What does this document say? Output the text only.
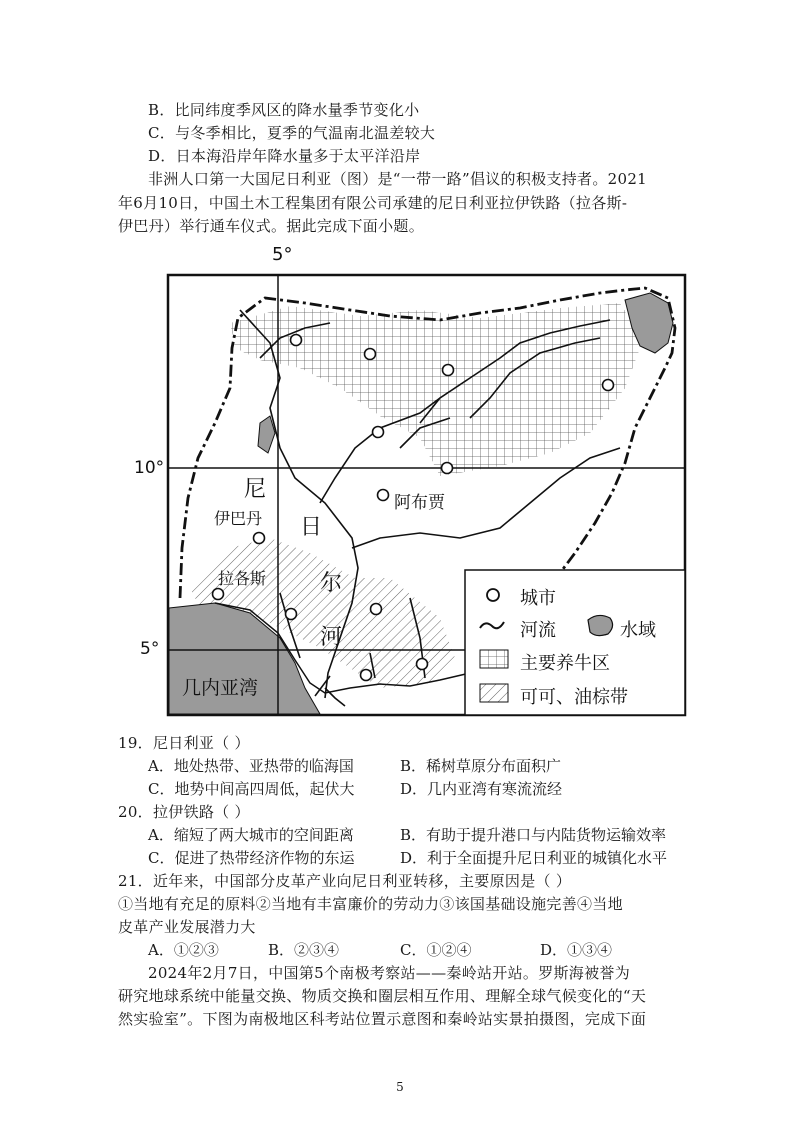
B．比同纬度季风区的降水量季节变化小
C．与冬季相比，夏季的气温南北温差较大
D．日本海沿岸年降水量多于太平洋沿岸
非洲人口第一大国尼日利亚（图）是“一带一路”倡议的积极支持者。2021
年6月10日，中国土木工程集团有限公司承建的尼日利亚拉伊铁路（拉各斯-
伊巴丹）举行通车仪式。据此完成下面小题。
5°
10°
5°
尼
日
尔
河
阿布贾
伊巴丹
拉各斯
几内亚湾
城市
河流	水域
主要养牛区
可可、油棕带
19．尼日利亚（ ）
A．地处热带、亚热带的临海国	B．稀树草原分布面积广
C．地势中间高四周低，起伏大	D．几内亚湾有寒流流经
20．拉伊铁路（ ）
A．缩短了两大城市的空间距离	B．有助于提升港口与内陆货物运输效率
C．促进了热带经济作物的东运	D．利于全面提升尼日利亚的城镇化水平
21．近年来，中国部分皮革产业向尼日利亚转移，主要原因是（ ）
①当地有充足的原料②当地有丰富廉价的劳动力③该国基础设施完善④当地
皮革产业发展潜力大
A．①②③	B．②③④	C．①②④	D．①③④
2024年2月7日，中国第5个南极考察站——秦岭站开站。罗斯海被誉为
研究地球系统中能量交换、物质交换和圈层相互作用、理解全球气候变化的“天
然实验室”。下图为南极地区科考站位置示意图和秦岭站实景拍摄图，完成下面
5
